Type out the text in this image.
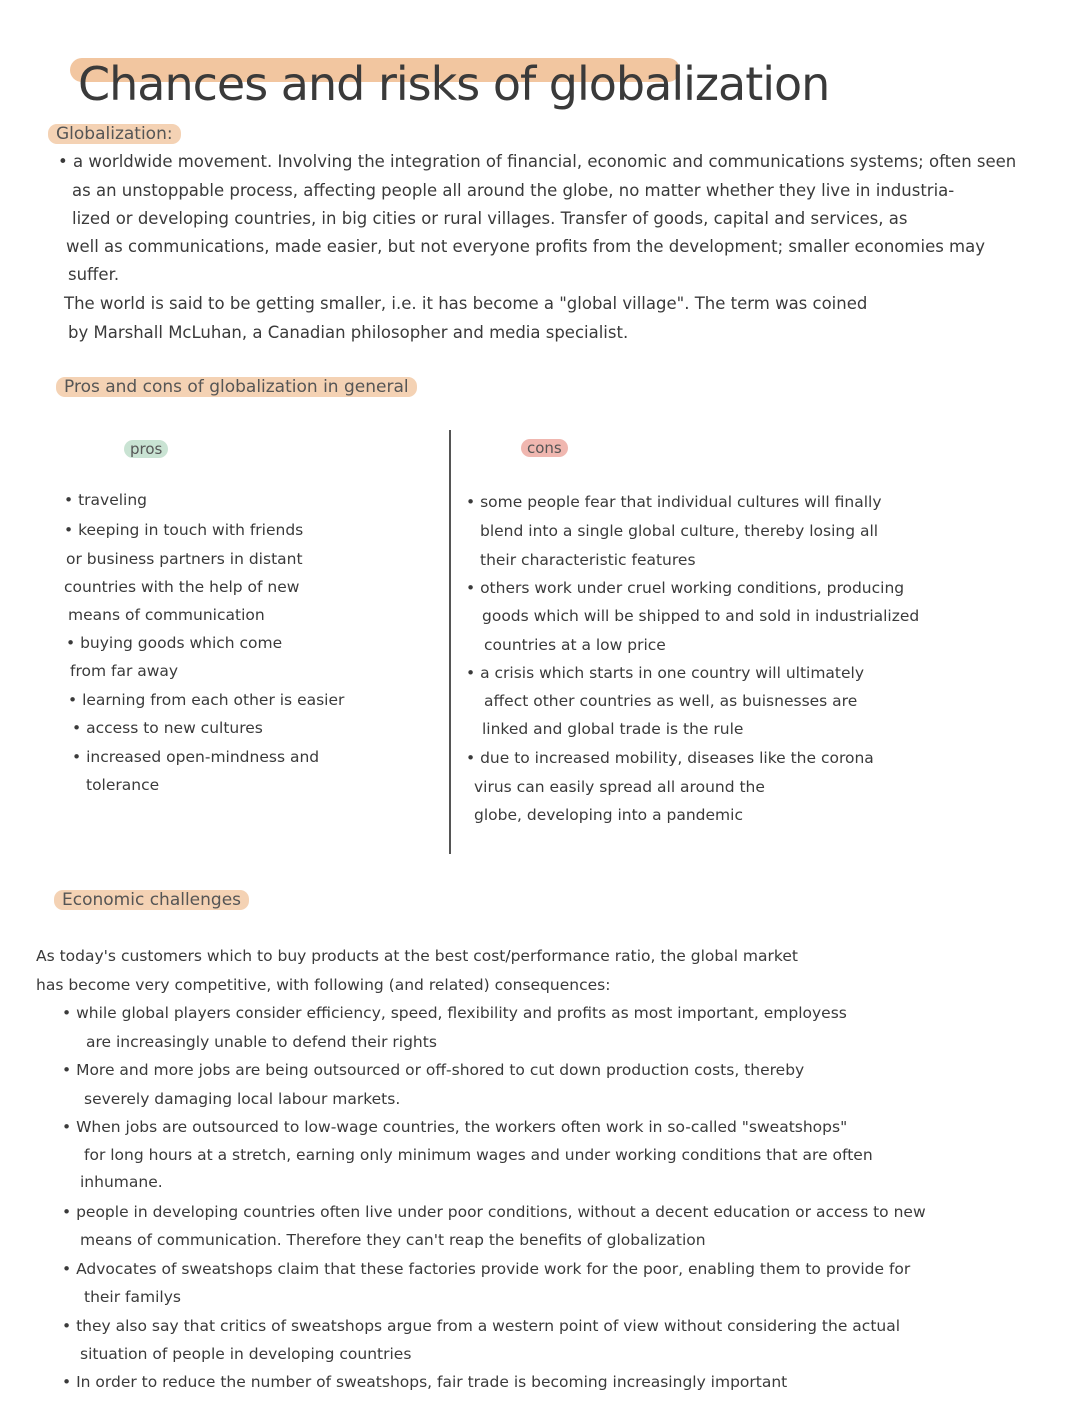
Chances and risks of globalization
Globalization:
• a worldwide movement. Involving the integration of financial, economic and communications systems; often seen
as an unstoppable process, affecting people all around the globe, no matter whether they live in industria-
lized or developing countries, in big cities or rural villages. Transfer of goods, capital and services, as
well as communications, made easier, but not everyone profits from the development; smaller economies may
suffer.
The world is said to be getting smaller, i.e. it has become a "global village". The term was coined
by Marshall McLuhan, a Canadian philosopher and media specialist.
Pros and cons of globalization in general
pros	cons
• traveling
• keeping in touch with friends
or business partners in distant
countries with the help of new
means of communication
• buying goods which come
from far away
• learning from each other is easier
• access to new cultures
• increased open-mindness and
tolerance
• some people fear that individual cultures will finally
blend into a single global culture, thereby losing all
their characteristic features
• others work under cruel working conditions, producing
goods which will be shipped to and sold in industrialized
countries at a low price
• a crisis which starts in one country will ultimately
affect other countries as well, as buisnesses are
linked and global trade is the rule
• due to increased mobility, diseases like the corona
virus can easily spread all around the
globe, developing into a pandemic
Economic challenges
As today's customers which to buy products at the best cost/performance ratio, the global market
has become very competitive, with following (and related) consequences:
• while global players consider efficiency, speed, flexibility and profits as most important, employess
are increasingly unable to defend their rights
• More and more jobs are being outsourced or off-shored to cut down production costs, thereby
severely damaging local labour markets.
• When jobs are outsourced to low-wage countries, the workers often work in so-called "sweatshops"
for long hours at a stretch, earning only minimum wages and under working conditions that are often
inhumane.
• people in developing countries often live under poor conditions, without a decent education or access to new
means of communication. Therefore they can't reap the benefits of globalization
• Advocates of sweatshops claim that these factories provide work for the poor, enabling them to provide for
their familys
• they also say that critics of sweatshops argue from a western point of view without considering the actual
situation of people in developing countries
• In order to reduce the number of sweatshops, fair trade is becoming increasingly important
